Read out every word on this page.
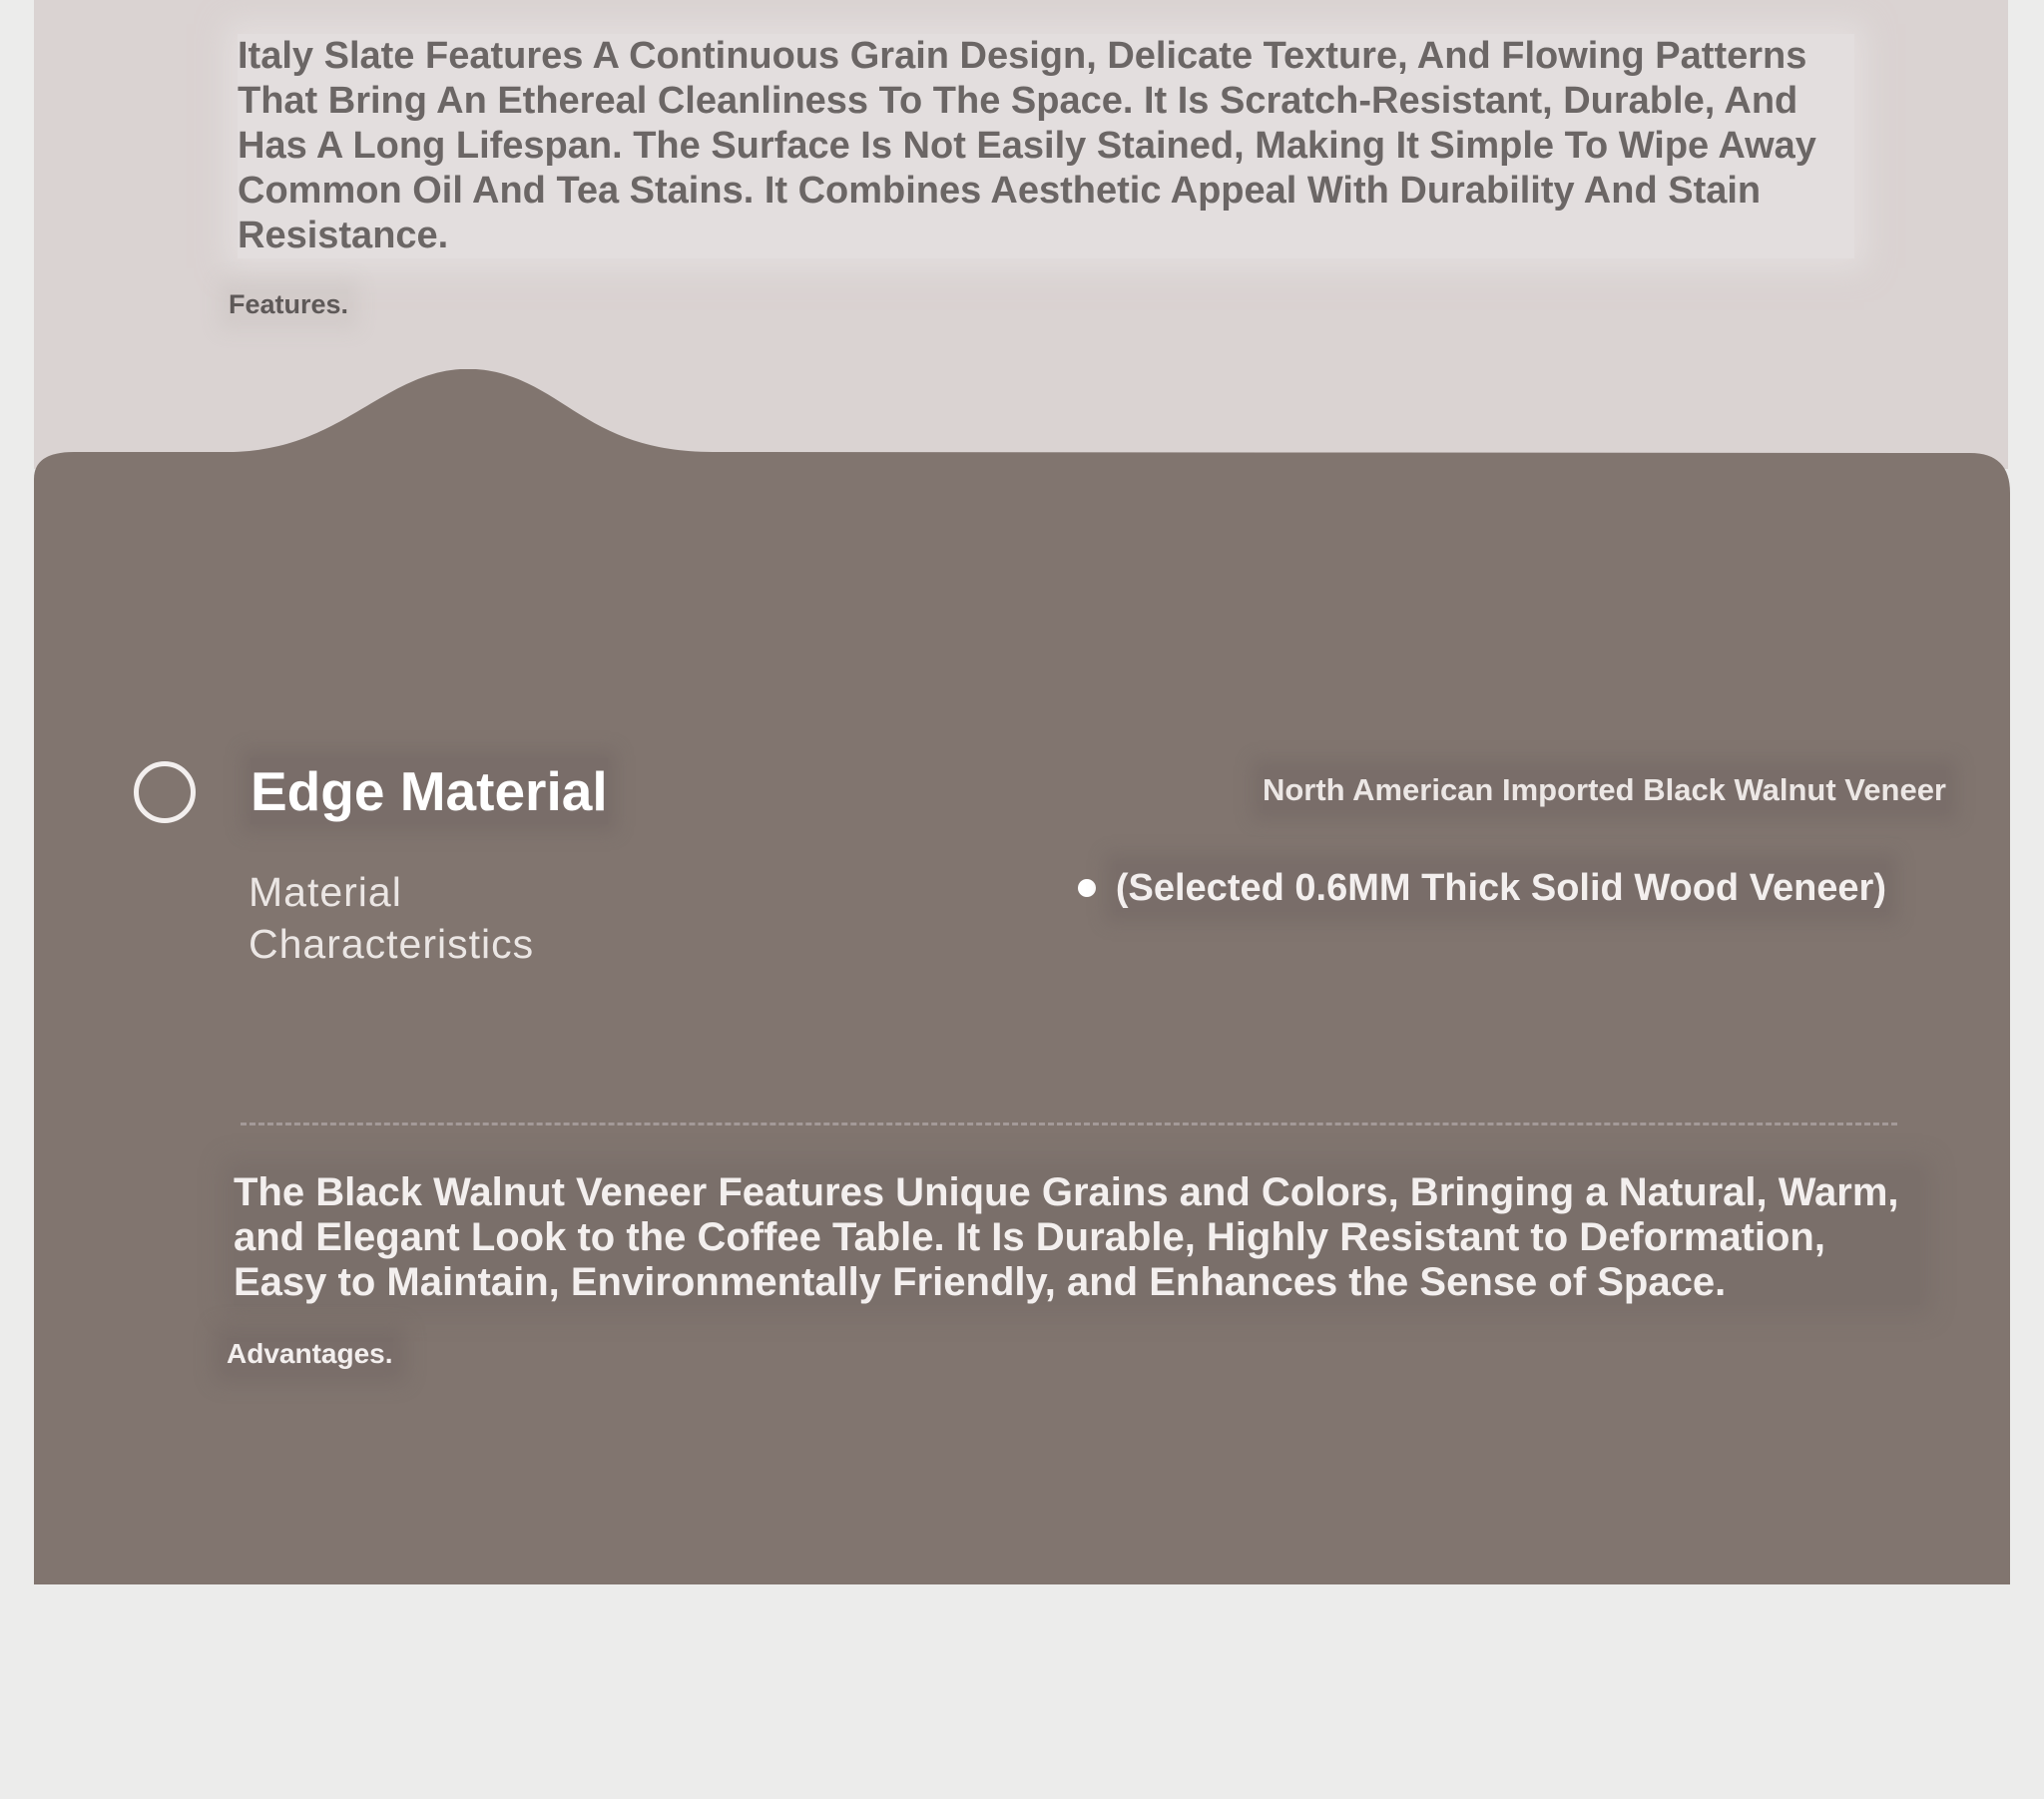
Italy Slate Features A Continuous Grain Design, Delicate Texture, And Flowing Patterns That Bring An Ethereal Cleanliness To The Space. It Is Scratch-Resistant, Durable, And Has A Long Lifespan. The Surface Is Not Easily Stained, Making It Simple To Wipe Away Common Oil And Tea Stains. It Combines Aesthetic Appeal With Durability And Stain Resistance.

Features.
Edge Material
Material Characteristics
North American Imported Black Walnut Veneer
(Selected 0.6MM Thick Solid Wood Veneer)

The Black Walnut Veneer Features Unique Grains and Colors, Bringing a Natural, Warm, and Elegant Look to the Coffee Table. It Is Durable, Highly Resistant to Deformation, Easy to Maintain, Environmentally Friendly, and Enhances the Sense of Space.

Advantages.
